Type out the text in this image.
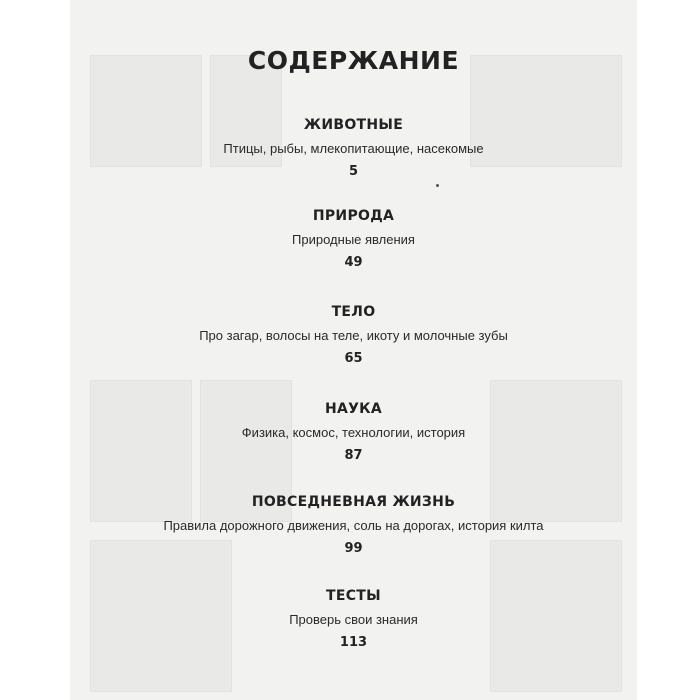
СОДЕРЖАНИЕ
ЖИВОТНЫЕ
Птицы, рыбы, млекопитающие, насекомые
5
ПРИРОДА
Природные явления
49
ТЕЛО
Про загар, волосы на теле, икоту и молочные зубы
65
НАУКА
Физика, космос, технологии, история
87
ПОВСЕДНЕВНАЯ ЖИЗНЬ
Правила дорожного движения, соль на дорогах, история килта
99
ТЕСТЫ
Проверь свои знания
113
